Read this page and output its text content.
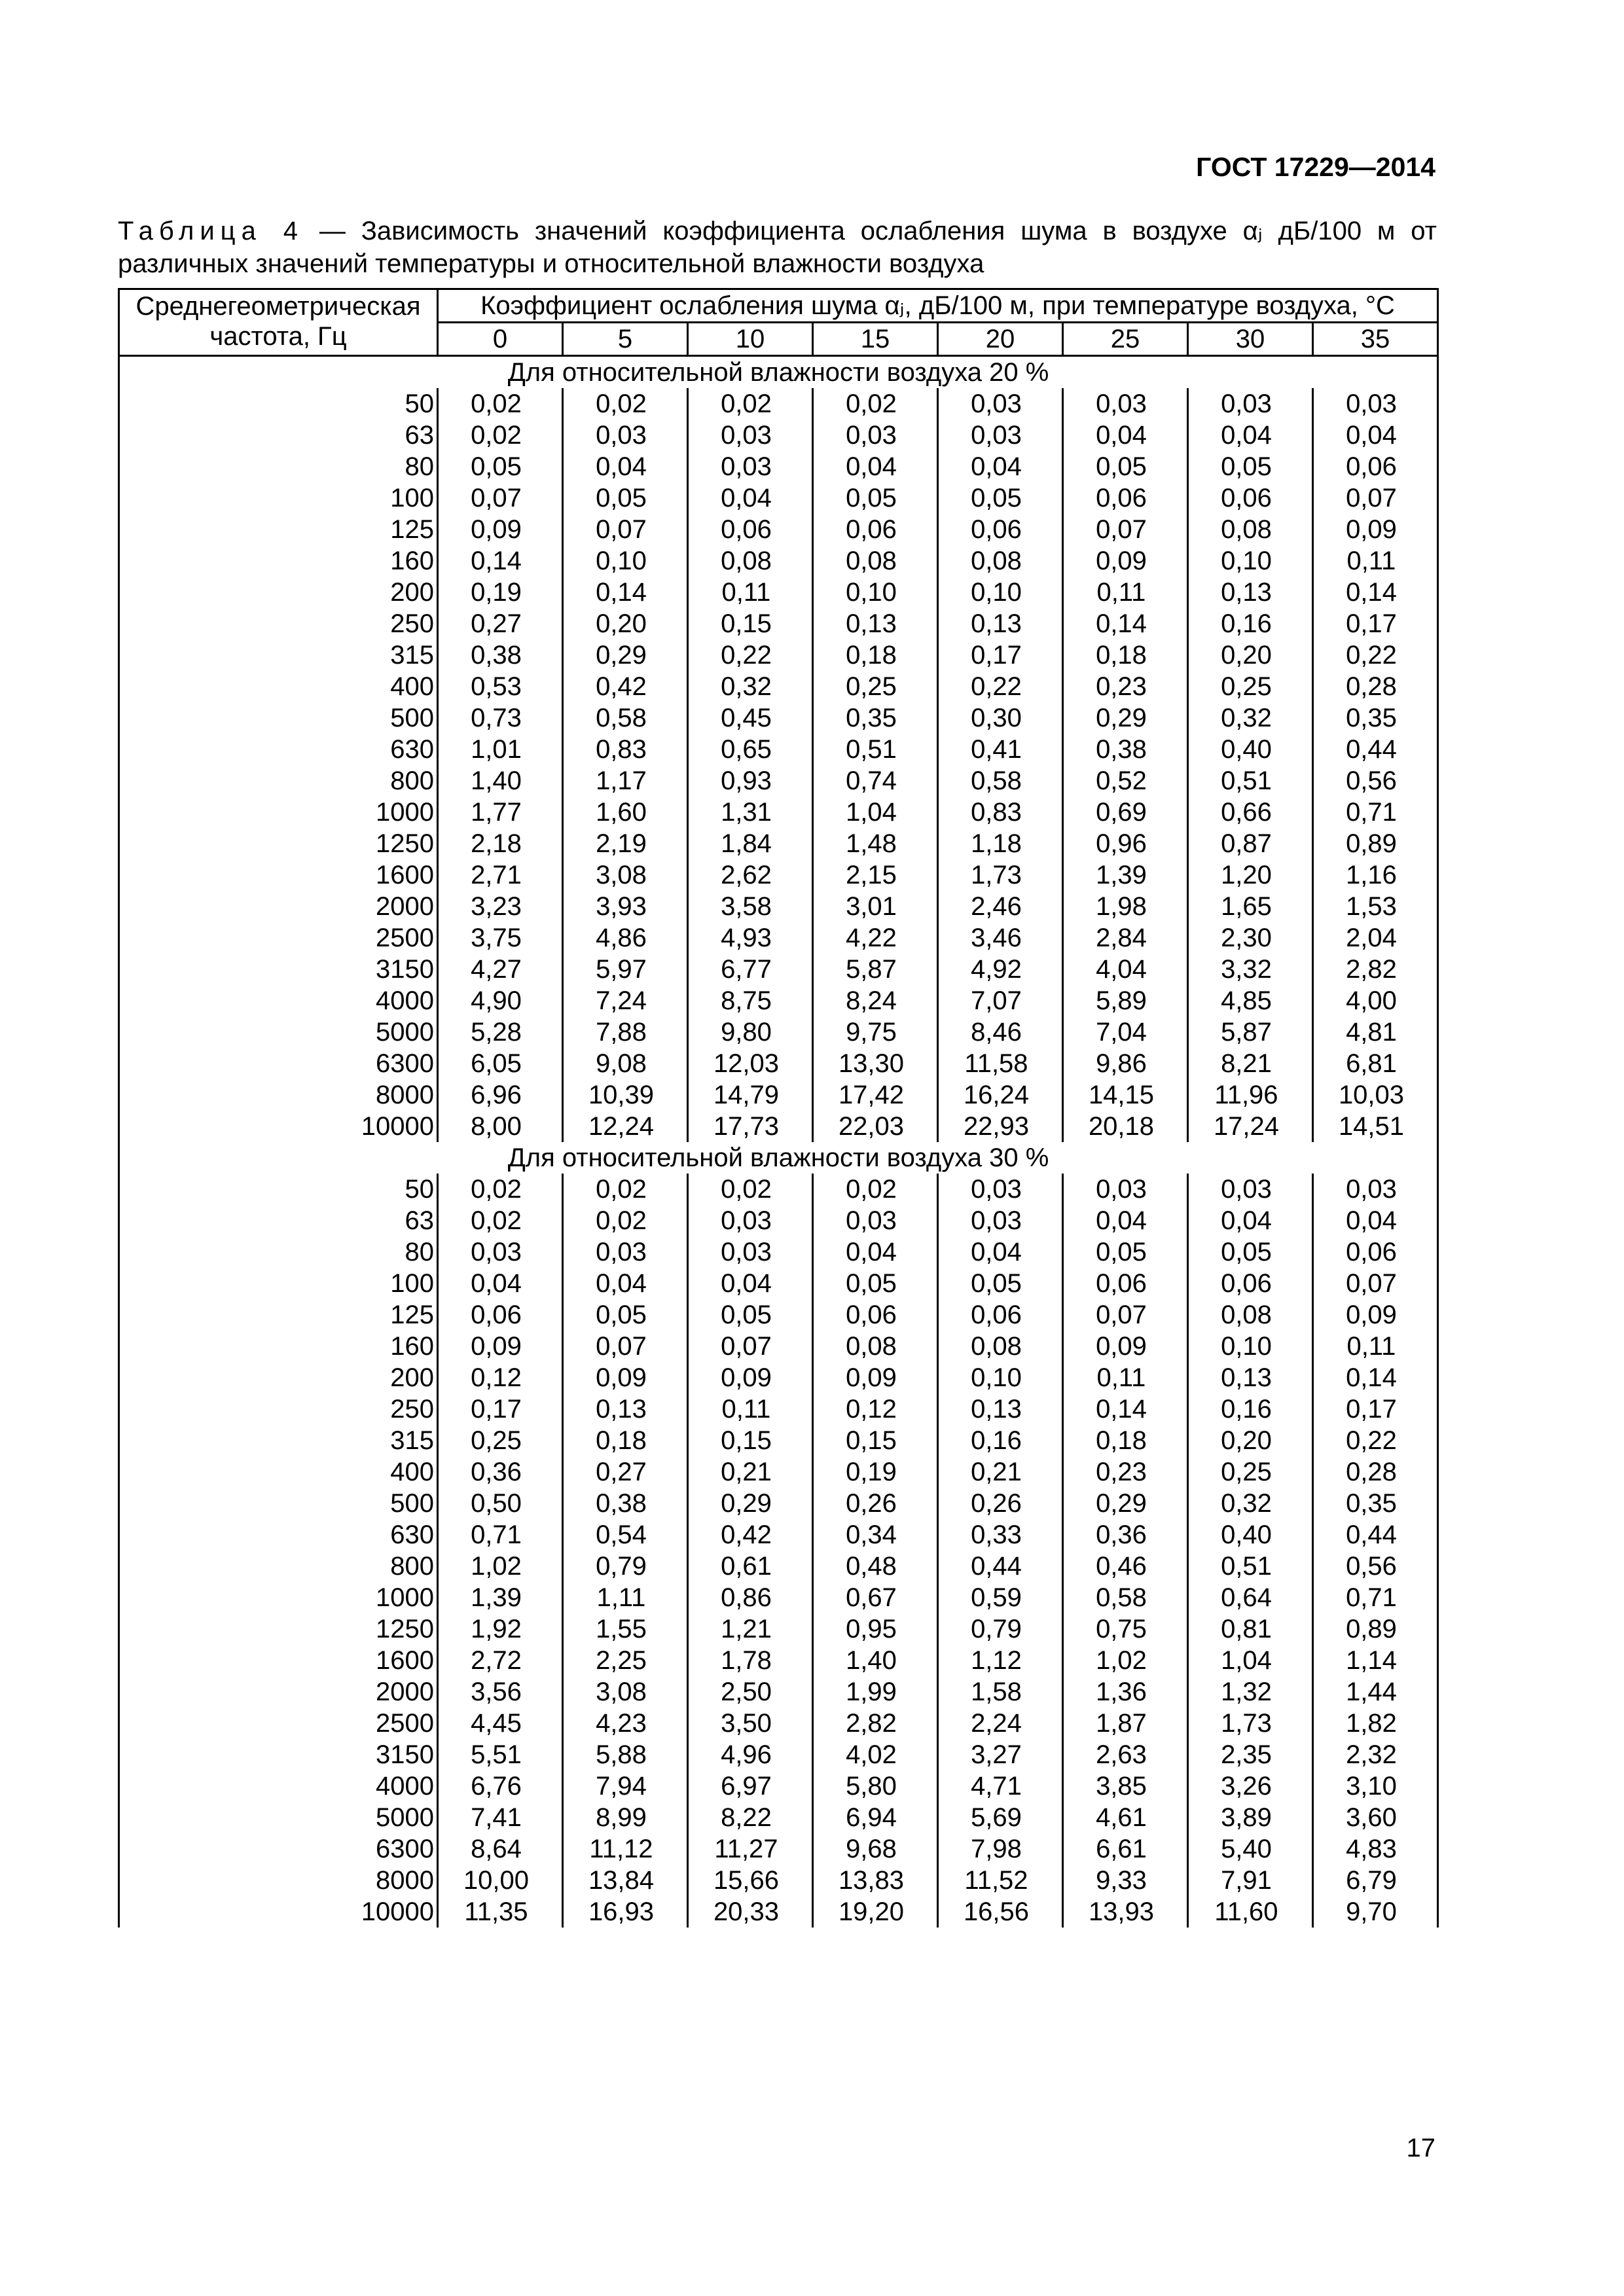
ГОСТ 17229—2014
Таблица 4 — Зависимость значений коэффициента ослабления шума в воздухе αⱼ дБ/100 м от различных значений температуры и относительной влажности воздуха
Среднегеометрическая частота, Гц	Коэффициент ослабления шума αⱼ, дБ/100 м, при температуре воздуха, °С							
	0	5	10	15	20	25	30	35
Для относительной влажности воздуха 20 %								
50	0,02	0,02	0,02	0,02	0,03	0,03	0,03	0,03
63	0,02	0,03	0,03	0,03	0,03	0,04	0,04	0,04
80	0,05	0,04	0,03	0,04	0,04	0,05	0,05	0,06
100	0,07	0,05	0,04	0,05	0,05	0,06	0,06	0,07
125	0,09	0,07	0,06	0,06	0,06	0,07	0,08	0,09
160	0,14	0,10	0,08	0,08	0,08	0,09	0,10	0,11
200	0,19	0,14	0,11	0,10	0,10	0,11	0,13	0,14
250	0,27	0,20	0,15	0,13	0,13	0,14	0,16	0,17
315	0,38	0,29	0,22	0,18	0,17	0,18	0,20	0,22
400	0,53	0,42	0,32	0,25	0,22	0,23	0,25	0,28
500	0,73	0,58	0,45	0,35	0,30	0,29	0,32	0,35
630	1,01	0,83	0,65	0,51	0,41	0,38	0,40	0,44
800	1,40	1,17	0,93	0,74	0,58	0,52	0,51	0,56
1000	1,77	1,60	1,31	1,04	0,83	0,69	0,66	0,71
1250	2,18	2,19	1,84	1,48	1,18	0,96	0,87	0,89
1600	2,71	3,08	2,62	2,15	1,73	1,39	1,20	1,16
2000	3,23	3,93	3,58	3,01	2,46	1,98	1,65	1,53
2500	3,75	4,86	4,93	4,22	3,46	2,84	2,30	2,04
3150	4,27	5,97	6,77	5,87	4,92	4,04	3,32	2,82
4000	4,90	7,24	8,75	8,24	7,07	5,89	4,85	4,00
5000	5,28	7,88	9,80	9,75	8,46	7,04	5,87	4,81
6300	6,05	9,08	12,03	13,30	11,58	9,86	8,21	6,81
8000	6,96	10,39	14,79	17,42	16,24	14,15	11,96	10,03
10000	8,00	12,24	17,73	22,03	22,93	20,18	17,24	14,51
Для относительной влажности воздуха 30 %								
50	0,02	0,02	0,02	0,02	0,03	0,03	0,03	0,03
63	0,02	0,02	0,03	0,03	0,03	0,04	0,04	0,04
80	0,03	0,03	0,03	0,04	0,04	0,05	0,05	0,06
100	0,04	0,04	0,04	0,05	0,05	0,06	0,06	0,07
125	0,06	0,05	0,05	0,06	0,06	0,07	0,08	0,09
160	0,09	0,07	0,07	0,08	0,08	0,09	0,10	0,11
200	0,12	0,09	0,09	0,09	0,10	0,11	0,13	0,14
250	0,17	0,13	0,11	0,12	0,13	0,14	0,16	0,17
315	0,25	0,18	0,15	0,15	0,16	0,18	0,20	0,22
400	0,36	0,27	0,21	0,19	0,21	0,23	0,25	0,28
500	0,50	0,38	0,29	0,26	0,26	0,29	0,32	0,35
630	0,71	0,54	0,42	0,34	0,33	0,36	0,40	0,44
800	1,02	0,79	0,61	0,48	0,44	0,46	0,51	0,56
1000	1,39	1,11	0,86	0,67	0,59	0,58	0,64	0,71
1250	1,92	1,55	1,21	0,95	0,79	0,75	0,81	0,89
1600	2,72	2,25	1,78	1,40	1,12	1,02	1,04	1,14
2000	3,56	3,08	2,50	1,99	1,58	1,36	1,32	1,44
2500	4,45	4,23	3,50	2,82	2,24	1,87	1,73	1,82
3150	5,51	5,88	4,96	4,02	3,27	2,63	2,35	2,32
4000	6,76	7,94	6,97	5,80	4,71	3,85	3,26	3,10
5000	7,41	8,99	8,22	6,94	5,69	4,61	3,89	3,60
6300	8,64	11,12	11,27	9,68	7,98	6,61	5,40	4,83
8000	10,00	13,84	15,66	13,83	11,52	9,33	7,91	6,79
10000	11,35	16,93	20,33	19,20	16,56	13,93	11,60	9,70
17
